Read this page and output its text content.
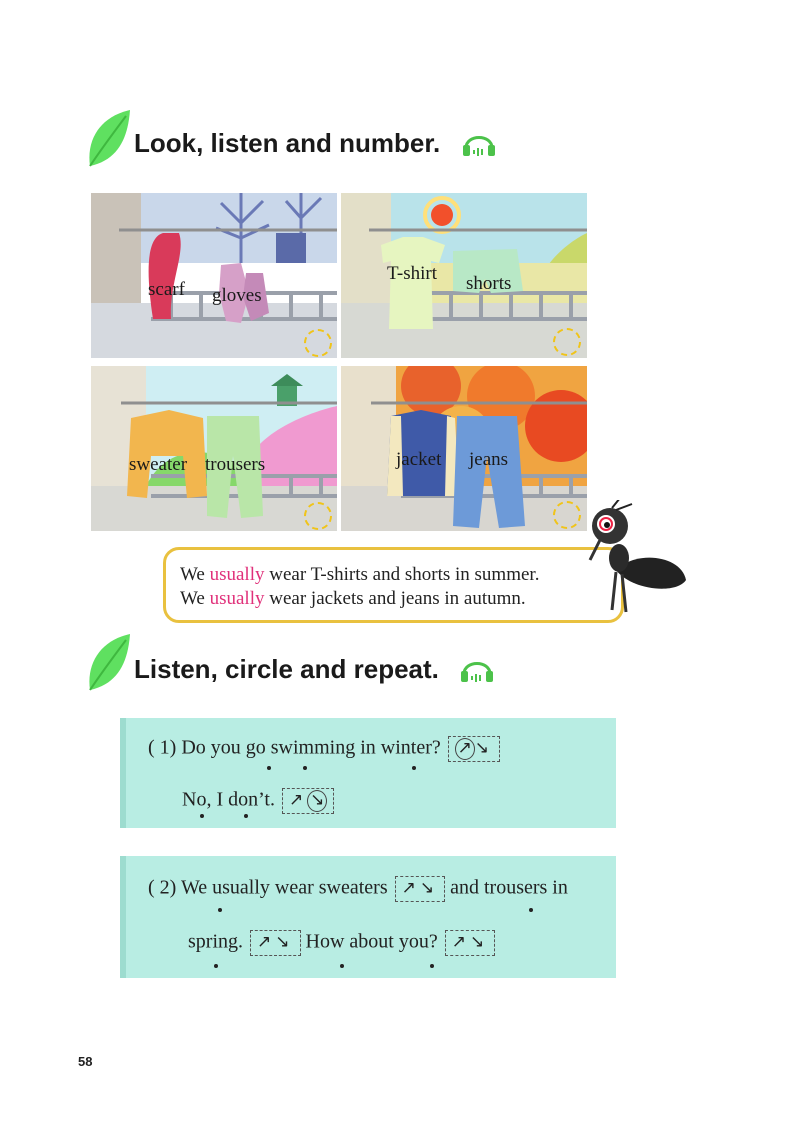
Look, listen and number.
scarf gloves
T-shirt shorts
sweater trousers	jacket jeans
We usually wear T-shirts and shorts in summer.
We usually wear jackets and jeans in autumn.
Listen, circle and repeat.
( 1) Do you go swimming in winter? ↗ ↘
No, I don’t. ↗ ↘
( 2) We usually wear sweaters ↗↘ and trousers in
spring. ↗↘ How about you? ↗↘
58
